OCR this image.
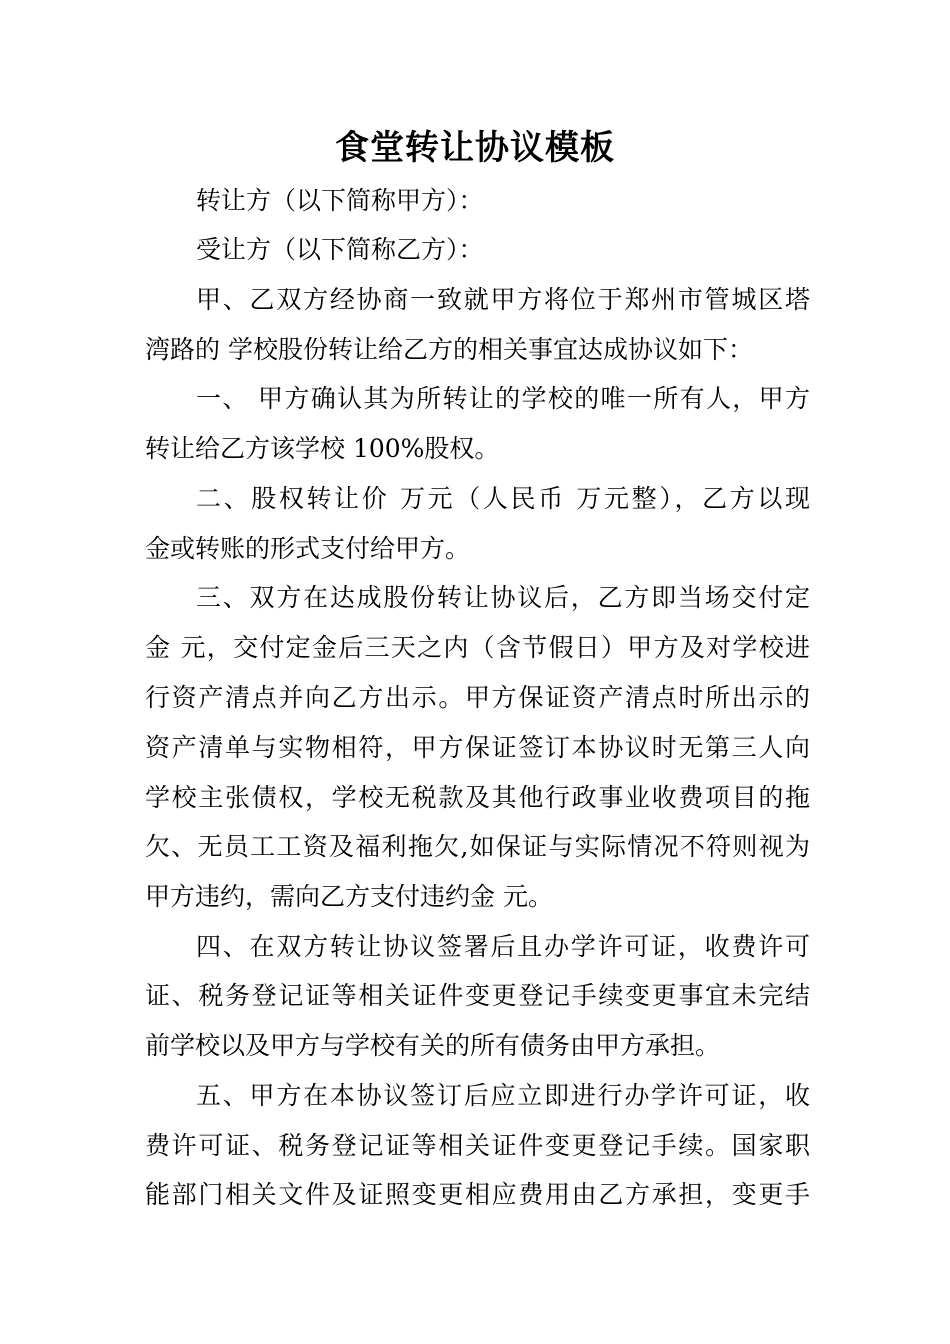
食堂转让协议模板
转让方（以下简称甲方）：
受让方（以下简称乙方）：
甲、乙双方经协商一致就甲方将位于郑州市管城区塔
湾路的 学校股份转让给乙方的相关事宜达成协议如下：
一、 甲方确认其为所转让的学校的唯一所有人，甲方
转让给乙方该学校 100%股权。
二、股权转让价 万元（人民币 万元整），乙方以现
金或转账的形式支付给甲方。
三、双方在达成股份转让协议后，乙方即当场交付定
金 元，交付定金后三天之内（含节假日）甲方及对学校进
行资产清点并向乙方出示。甲方保证资产清点时所出示的
资产清单与实物相符，甲方保证签订本协议时无第三人向
学校主张债权，学校无税款及其他行政事业收费项目的拖
欠、无员工工资及福利拖欠,如保证与实际情况不符则视为
甲方违约，需向乙方支付违约金 元。
四、在双方转让协议签署后且办学许可证，收费许可
证、税务登记证等相关证件变更登记手续变更事宜未完结
前学校以及甲方与学校有关的所有债务由甲方承担。
五、甲方在本协议签订后应立即进行办学许可证，收
费许可证、税务登记证等相关证件变更登记手续。国家职
能部门相关文件及证照变更相应费用由乙方承担，变更手
